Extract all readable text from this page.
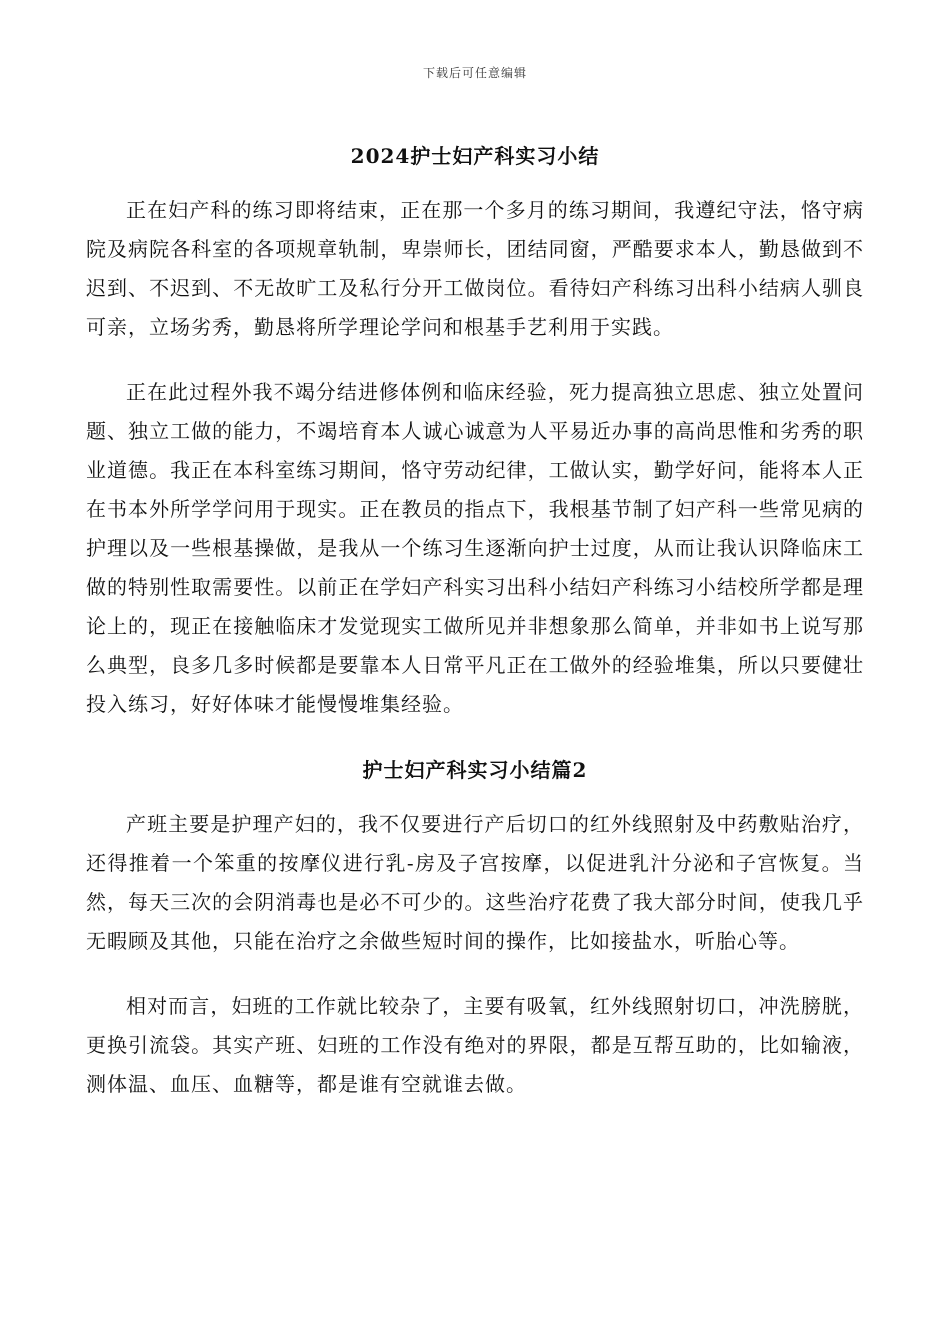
下载后可任意编辑
2024护士妇产科实习小结

正在妇产科的练习即将结束，正在那一个多月的练习期间，我遵纪守法，恪守病院及病院各科室的各项规章轨制，卑崇师长，团结同窗，严酷要求本人，勤恳做到不迟到、不迟到、不无故旷工及私行分开工做岗位。看待妇产科练习出科小结病人驯良可亲，立场劣秀，勤恳将所学理论学问和根基手艺利用于实践。

正在此过程外我不竭分结进修体例和临床经验，死力提高独立思虑、独立处置问题、独立工做的能力，不竭培育本人诚心诚意为人平易近办事的高尚思惟和劣秀的职业道德。我正在本科室练习期间，恪守劳动纪律，工做认实，勤学好问，能将本人正在书本外所学学问用于现实。正在教员的指点下，我根基节制了妇产科一些常见病的护理以及一些根基操做，是我从一个练习生逐渐向护士过度，从而让我认识降临床工做的特别性取需要性。以前正在学妇产科实习出科小结妇产科练习小结校所学都是理论上的，现正在接触临床才发觉现实工做所见并非想象那么简单，并非如书上说写那么典型，良多几多时候都是要靠本人日常平凡正在工做外的经验堆集，所以只要健壮投入练习，好好体味才能慢慢堆集经验。

护士妇产科实习小结篇2

产班主要是护理产妇的，我不仅要进行产后切口的红外线照射及中药敷贴治疗，还得推着一个笨重的按摩仪进行乳-房及子宫按摩，以促进乳汁分泌和子宫恢复。当然，每天三次的会阴消毒也是必不可少的。这些治疗花费了我大部分时间，使我几乎无暇顾及其他，只能在治疗之余做些短时间的操作，比如接盐水，听胎心等。

相对而言，妇班的工作就比较杂了，主要有吸氧，红外线照射切口，冲洗膀胱，更换引流袋。其实产班、妇班的工作没有绝对的界限，都是互帮互助的，比如输液，测体温、血压、血糖等，都是谁有空就谁去做。
